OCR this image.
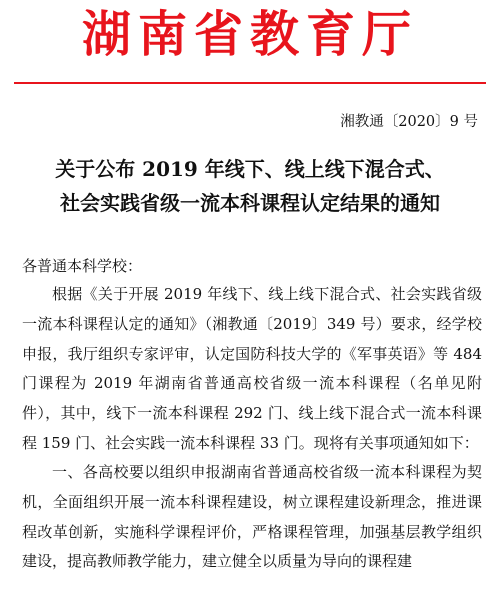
湖南省教育厅
湘教通〔2020〕9 号
关于公布 2019 年线下、线上线下混合式、
社会实践省级一流本科课程认定结果的通知
各普通本科学校：

根据《关于开展 2019 年线下、线上线下混合式、社会实践省级一流本科课程认定的通知》（湘教通〔2019〕349 号）要求，经学校申报，我厅组织专家评审，认定国防科技大学的《军事英语》等 484 门课程为 2019 年湖南省普通高校省级一流本科课程（名单见附件），其中，线下一流本科课程 292 门、线上线下混合式一流本科课程 159 门、社会实践一流本科课程 33 门。现将有关事项通知如下：

一、各高校要以组织申报湖南省普通高校省级一流本科课程为契机，全面组织开展一流本科课程建设，树立课程建设新理念，推进课程改革创新，实施科学课程评价，严格课程管理，加强基层教学组织建设，提高教师教学能力，建立健全以质量为导向的课程建
